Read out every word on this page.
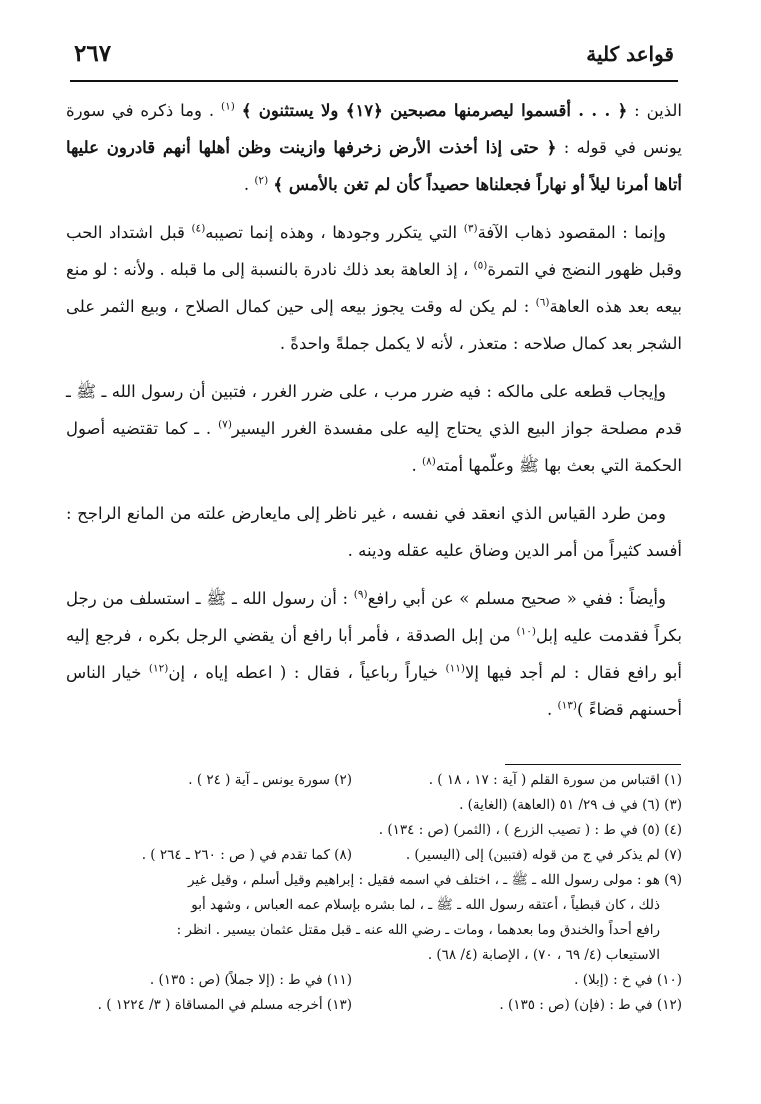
قواعد كلية
٢٦٧

الذين : ﴿ . . . أقسموا ليصرمنها مصبحين ﴿١٧﴾ ولا يستثنون ﴾ $^{(١)}$ . وما ذكره في سورة يونس في قوله : ﴿ حتى إذا أخذت الأرض زخرفها وازينت وظن أهلها أنهم قادرون عليها أتاها أمرنا ليلاً أو نهاراً فجعلناها حصيداً كأن لم تغن بالأمس ﴾ $^{(٢)}$ .

وإنما : المقصود ذهاب الآفة$^{(٣)}$ التي يتكرر وجودها ، وهذه إنما تصيبه$^{(٤)}$ قبل اشتداد الحب وقبل ظهور النضج في التمرة$^{(٥)}$ ، إذ العاهة بعد ذلك نادرة بالنسبة إلى ما قبله . ولأنه : لو منع بيعه بعد هذه العاهة$^{(٦)}$ : لم يكن له وقت يجوز بيعه إلى حين كمال الصلاح ، وبيع الثمر على الشجر بعد كمال صلاحه : متعذر ، لأنه لا يكمل جملةً واحدةً .

وإيجاب قطعه على مالكه : فيه ضرر مرب ، على ضرر الغرر ، فتبين أن رسول الله ـ ﷺ ـ قدم مصلحة جواز البيع الذي يحتاج إليه على مفسدة الغرر اليسير$^{(٧)}$ . ـ كما تقتضيه أصول الحكمة التي بعث بها ﷺ وعلّمها أمته$^{(٨)}$ .

ومن طرد القياس الذي انعقد في نفسه ، غير ناظر إلى مايعارض علته من المانع الراجح : أفسد كثيراً من أمر الدين وضاق عليه عقله ودينه .

وأيضاً : ففي « صحيح مسلم » عن أبي رافع$^{(٩)}$ : أن رسول الله ـ ﷺ ـ استسلف من رجل بكراً فقدمت عليه إبل$^{(١٠)}$ من إبل الصدقة ، فأمر أبا رافع أن يقضي الرجل بكره ، فرجع إليه أبو رافع فقال : لم أجد فيها إلا$^{(١١)}$ خياراً رباعياً ، فقال : ( اعطه إياه ، إن$^{(١٢)}$ خيار الناس أحسنهم قضاءً )$^{(١٣)}$ .

(١) اقتباس من سورة القلم ( آية : ١٧ ، ١٨ ) .
(٢) سورة يونس ـ آية ( ٢٤ ) .

(٣) (٦) في ف ٢٩/ ٥١ (العاهة) (الغاية) .

(٤) (٥) في ط : ( تصيب الزرع ) ، (الثمر) (ص : ١٣٤) .

(٧) لم يذكر في ج من قوله (فتبين) إلى (اليسير) .
(٨) كما تقدم في ( ص : ٢٦٠ ـ ٢٦٤ ) .

(٩) هو : مولى رسول الله ـ ﷺ ـ ، اختلف في اسمه فقيل : إبراهيم وقيل أسلم ، وقيل غير

ذلك ، كان قبطياً ، أعتقه رسول الله ـ ﷺ ـ ، لما بشره بإسلام عمه العباس ، وشهد أبو

رافع أحداً والخندق وما بعدهما ، ومات ـ رضي الله عنه ـ قبل مقتل عثمان بيسير . انظر :

الاستيعاب (٤/ ٦٩ ، ٧٠) ، الإصابة (٤/ ٦٨) .

(١٠) في خ : (إبلا) .
(١١) في ط : (إلا جملاً) (ص : ١٣٥) .
(١٢) في ط : (فإن) (ص : ١٣٥) .
(١٣) أخرجه مسلم في المساقاة ( ٣/ ١٢٢٤ ) .
